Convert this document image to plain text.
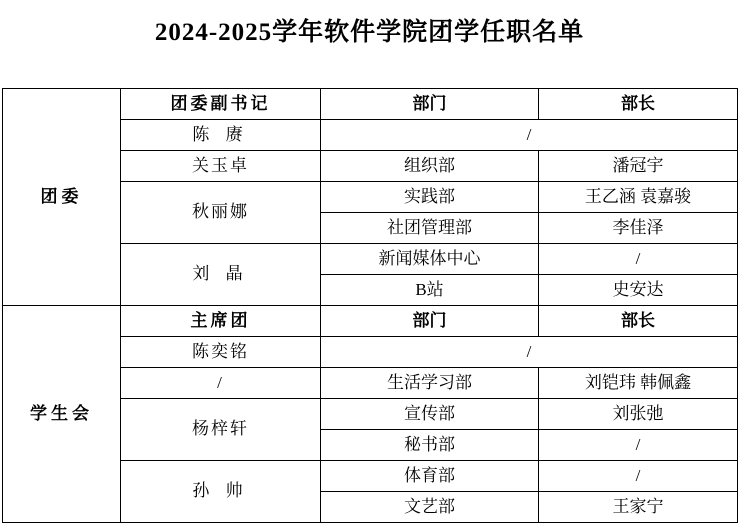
2024-2025学年软件学院团学任职名单

团委	团委副书记	部门	部长
	陈 赓	/	
	关玉卓	组织部	潘冠宇
	秋丽娜	实践部	王乙涵 袁嘉骏
		社团管理部	李佳泽
	刘 晶	新闻媒体中心	/
		B站	史安达
学生会	主席团	部门	部长
	陈奕铭	/	
	/	生活学习部	刘铠玮 韩佩鑫
	杨梓轩	宣传部	刘张弛
		秘书部	/
	孙 帅	体育部	/
		文艺部	王家宁
